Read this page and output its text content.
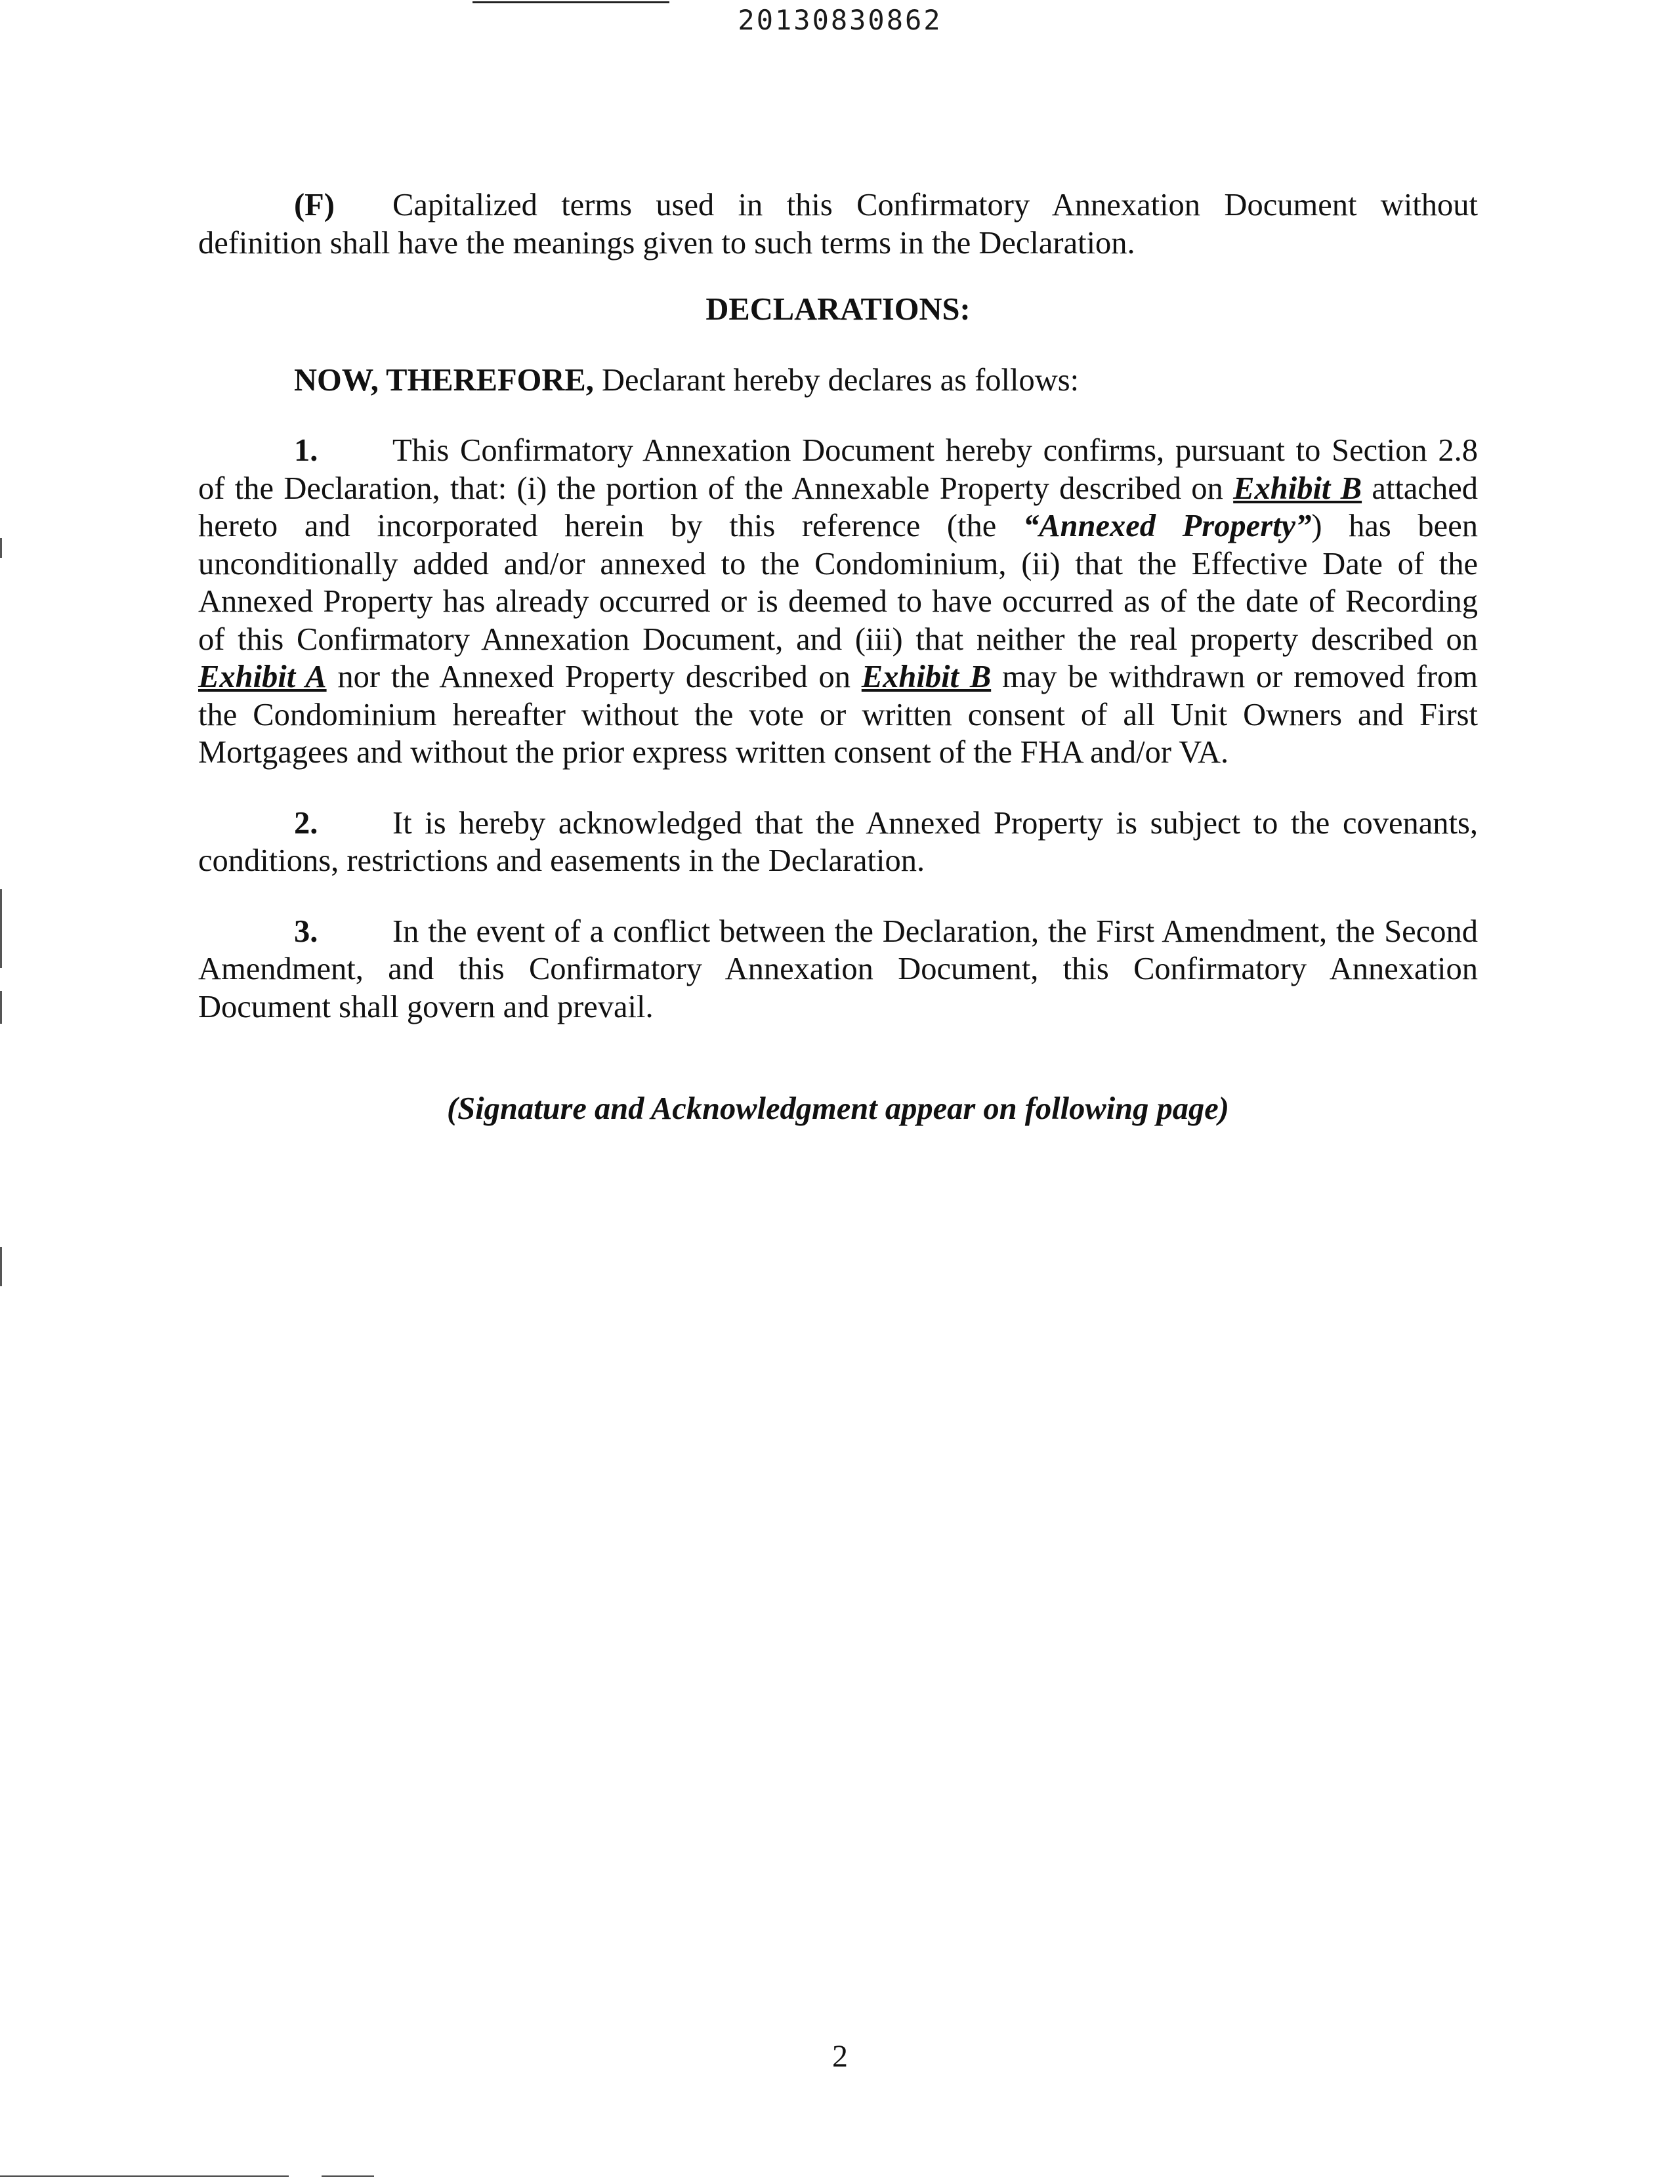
20130830862

(F) Capitalized terms used in this Confirmatory Annexation Document without definition shall have the meanings given to such terms in the Declaration.

DECLARATIONS:

NOW, THEREFORE, Declarant hereby declares as follows:

1. This Confirmatory Annexation Document hereby confirms, pursuant to Section 2.8 of the Declaration, that: (i) the portion of the Annexable Property described on Exhibit B attached hereto and incorporated herein by this reference (the “Annexed Property”) has been unconditionally added and/or annexed to the Condominium, (ii) that the Effective Date of the Annexed Property has already occurred or is deemed to have occurred as of the date of Recording of this Confirmatory Annexation Document, and (iii) that neither the real property described on Exhibit A nor the Annexed Property described on Exhibit B may be withdrawn or removed from the Condominium hereafter without the vote or written consent of all Unit Owners and First Mortgagees and without the prior express written consent of the FHA and/or VA.

2. It is hereby acknowledged that the Annexed Property is subject to the covenants, conditions, restrictions and easements in the Declaration.

3. In the event of a conflict between the Declaration, the First Amendment, the Second Amendment, and this Confirmatory Annexation Document, this Confirmatory Annexation Document shall govern and prevail.

(Signature and Acknowledgment appear on following page)

2
